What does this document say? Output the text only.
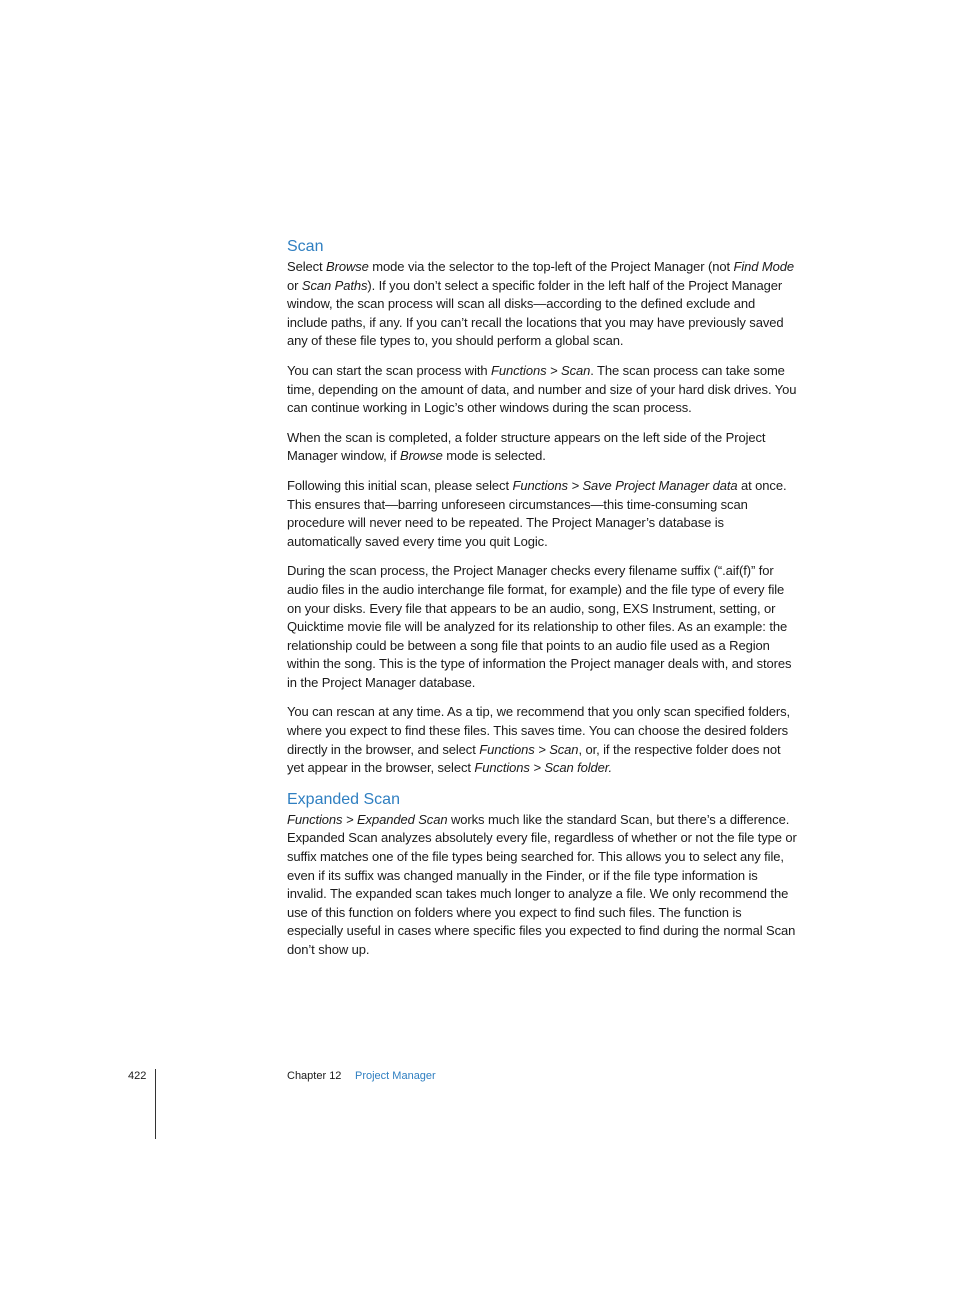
Scan

Select Browse mode via the selector to the top-left of the Project Manager (not Find Mode or Scan Paths). If you don’t select a specific folder in the left half of the Project Manager window, the scan process will scan all disks—according to the defined exclude and include paths, if any. If you can’t recall the locations that you may have previously saved any of these file types to, you should perform a global scan.

You can start the scan process with Functions > Scan. The scan process can take some time, depending on the amount of data, and number and size of your hard disk drives. You can continue working in Logic’s other windows during the scan process.

When the scan is completed, a folder structure appears on the left side of the Project Manager window, if Browse mode is selected.

Following this initial scan, please select Functions > Save Project Manager data at once. This ensures that—barring unforeseen circumstances—this time-consuming scan procedure will never need to be repeated. The Project Manager’s database is automatically saved every time you quit Logic.

During the scan process, the Project Manager checks every filename suffix (“.aif(f)” for audio files in the audio interchange file format, for example) and the file type of every file on your disks. Every file that appears to be an audio, song, EXS Instrument, setting, or Quicktime movie file will be analyzed for its relationship to other files. As an example: the relationship could be between a song file that points to an audio file used as a Region within the song. This is the type of information the Project manager deals with, and stores in the Project Manager database.

You can rescan at any time. As a tip, we recommend that you only scan specified folders, where you expect to find these files. This saves time. You can choose the desired folders directly in the browser, and select Functions > Scan, or, if the respective folder does not yet appear in the browser, select Functions > Scan folder.

Expanded Scan

Functions > Expanded Scan works much like the standard Scan, but there’s a difference. Expanded Scan analyzes absolutely every file, regardless of whether or not the file type or suffix matches one of the file types being searched for. This allows you to select any file, even if its suffix was changed manually in the Finder, or if the file type information is invalid. The expanded scan takes much longer to analyze a file. We only recommend the use of this function on folders where you expect to find such files. The function is especially useful in cases where specific files you expected to find during the normal Scan don’t show up.

422	Chapter 12 Project Manager
